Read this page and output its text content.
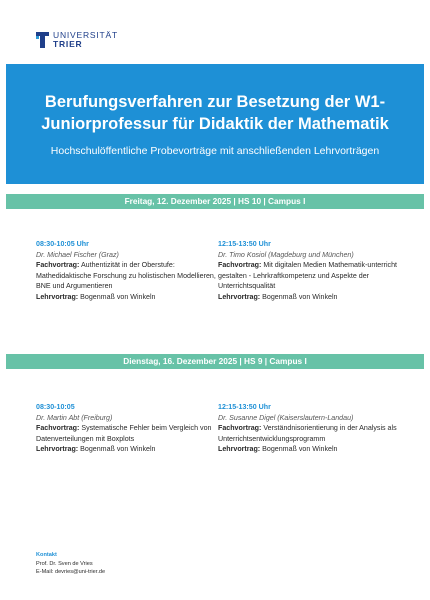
UNIVERSITÄT
TRIER
Berufungsverfahren zur Besetzung der W1-
Juniorprofessur für Didaktik der Mathematik
Hochschulöffentliche Probevorträge mit anschließenden Lehrvorträgen
Freitag, 12. Dezember 2025 | HS 10 | Campus I
08:30-10:05 Uhr
Dr. Michael Fischer (Graz)
Fachvortrag: Authentizität in der Oberstufe: Mathedidaktische Forschung zu holistischen Modellieren, BNE und Argumentieren
Lehrvortrag: Bogenmaß von Winkeln
12:15-13:50 Uhr
Dr. Timo Kosiol (Magdeburg und München)
Fachvortrag: Mit digitalen Medien Mathematik-unterricht gestalten - Lehrkraftkompetenz und Aspekte der Unterrichtsqualität
Lehrvortrag: Bogenmaß von Winkeln
Dienstag, 16. Dezember 2025 | HS 9 | Campus I
08:30-10:05
Dr. Martin Abt (Freiburg)
Fachvortrag: Systematische Fehler beim Vergleich von Datenverteilungen mit Boxplots
Lehrvortrag: Bogenmaß von Winkeln
12:15-13:50 Uhr
Dr. Susanne Digel (Kaiserslautern-Landau)
Fachvortrag: Verständnisorientierung in der Analysis als Unterrichtsentwicklungsprogramm
Lehrvortrag: Bogenmaß von Winkeln
Kontakt
Prof. Dr. Sven de Vries
E-Mail: devries@uni-trier.de
